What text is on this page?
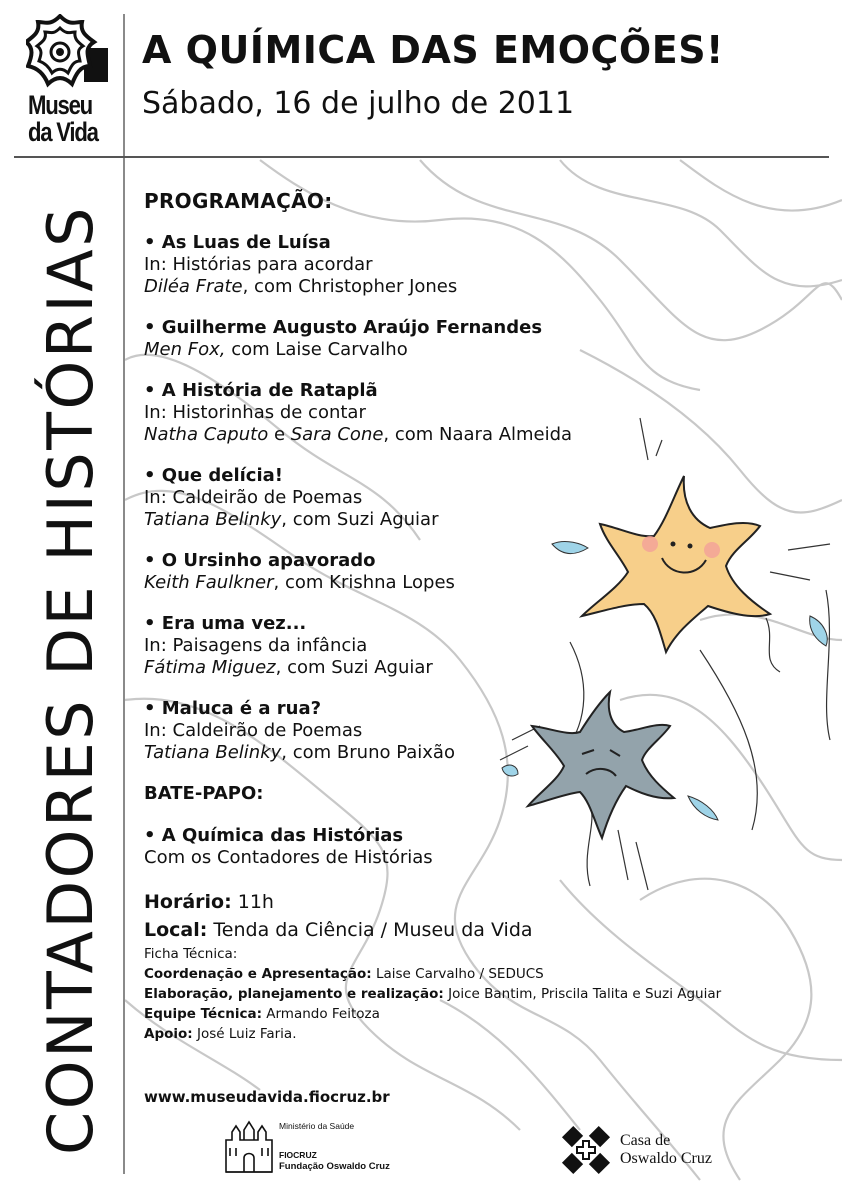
Museu
da Vida
A QUÍMICA DAS EMOÇÕES!
Sábado, 16 de julho de 2011
CONTADORES DE HISTÓRIAS
PROGRAMAÇÃO:
• As Luas de Luísa
In: Histórias para acordar
Diléa Frate, com Christopher Jones
• Guilherme Augusto Araújo Fernandes
Men Fox, com Laise Carvalho
• A História de Rataplã
In: Historinhas de contar
Natha Caputo e Sara Cone, com Naara Almeida
• Que delícia!
In: Caldeirão de Poemas
Tatiana Belinky, com Suzi Aguiar
• O Ursinho apavorado
Keith Faulkner, com Krishna Lopes
• Era uma vez...
In: Paisagens da infância
Fátima Miguez, com Suzi Aguiar
• Maluca é a rua?
In: Caldeirão de Poemas
Tatiana Belinky, com Bruno Paixão
BATE-PAPO:
• A Química das Histórias
Com os Contadores de Histórias
Horário: 11h
Local: Tenda da Ciência / Museu da Vida
Ficha Técnica:
Coordenação e Apresentação: Laise Carvalho / SEDUCS
Elaboração, planejamento e realização: Joice Bantim, Priscila Talita e Suzi Aguiar
Equipe Técnica: Armando Feitoza
Apoio: José Luiz Faria.
www.museudavida.fiocruz.br
Ministério da Saúde
FIOCRUZ
Fundação Oswaldo Cruz
Casa de
Oswaldo Cruz
